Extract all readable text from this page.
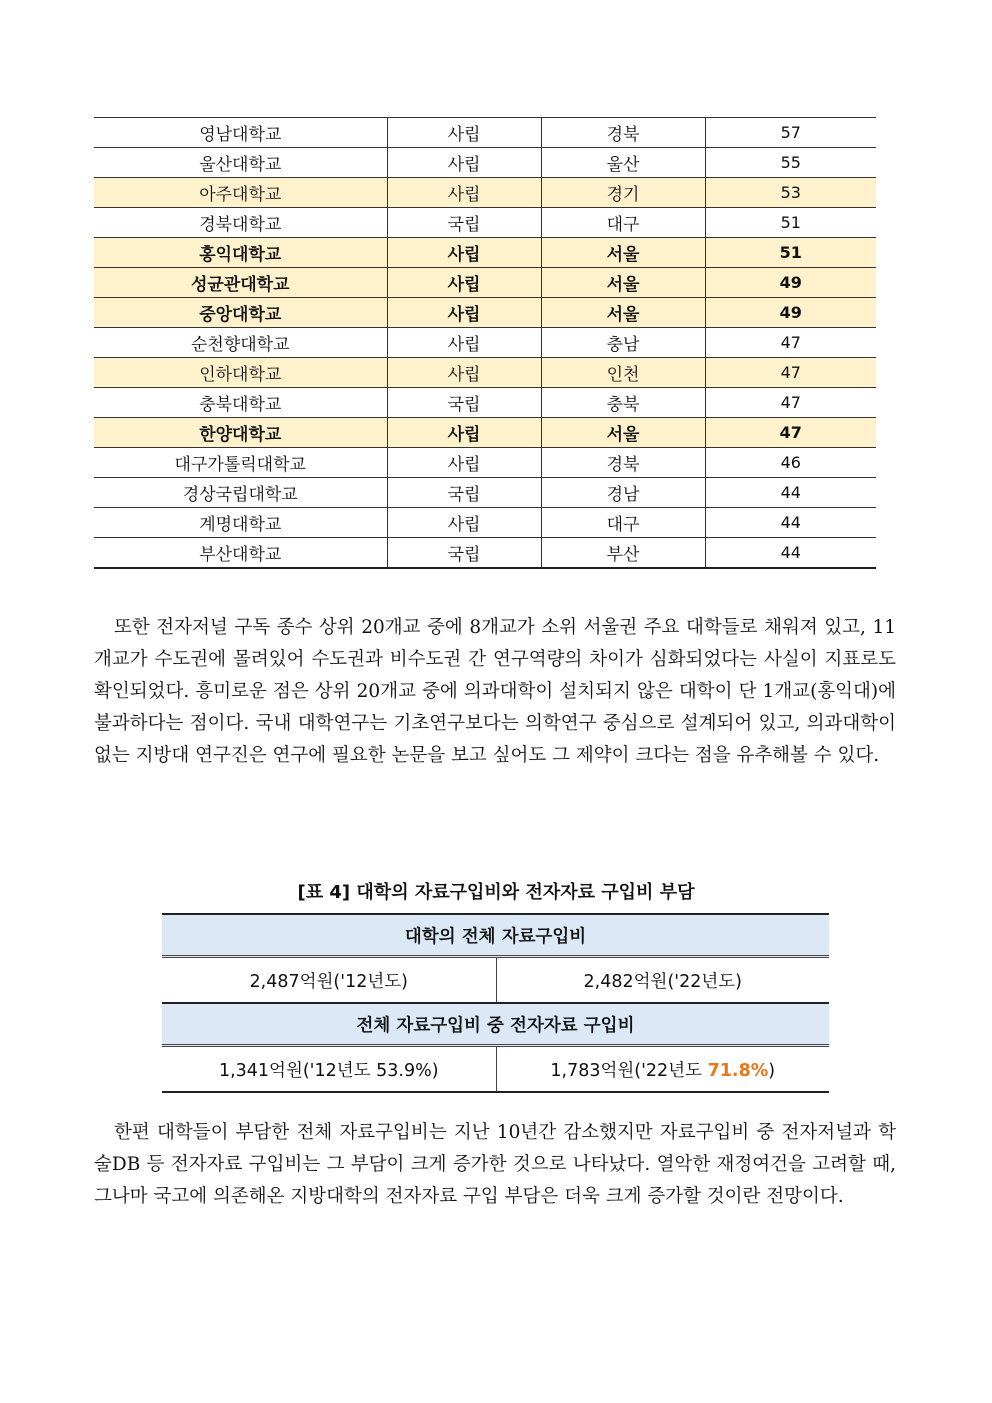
영남대학교	사립	경북	57
울산대학교	사립	울산	55
아주대학교	사립	경기	53
경북대학교	국립	대구	51
홍익대학교	사립	서울	51
성균관대학교	사립	서울	49
중앙대학교	사립	서울	49
순천향대학교	사립	충남	47
인하대학교	사립	인천	47
충북대학교	국립	충북	47
한양대학교	사립	서울	47
대구가톨릭대학교	사립	경북	46
경상국립대학교	국립	경남	44
계명대학교	사립	대구	44
부산대학교	국립	부산	44

또한 전자저널 구독 종수 상위 20개교 중에 8개교가 소위 서울권 주요 대학들로 채워져 있고, 11개교가 수도권에 몰려있어 수도권과 비수도권 간 연구역량의 차이가 심화되었다는 사실이 지표로도 확인되었다. 흥미로운 점은 상위 20개교 중에 의과대학이 설치되지 않은 대학이 단 1개교(홍익대)에 불과하다는 점이다. 국내 대학연구는 기초연구보다는 의학연구 중심으로 설계되어 있고, 의과대학이 없는 지방대 연구진은 연구에 필요한 논문을 보고 싶어도 그 제약이 크다는 점을 유추해볼 수 있다.

[표 4] 대학의 자료구입비와 전자자료 구입비 부담
대학의 전체 자료구입비	
2,487억원('12년도)	2,482억원('22년도)
전체 자료구입비 중 전자자료 구입비	
1,341억원('12년도 53.9%)	1,783억원('22년도 71.8%)

한편 대학들이 부담한 전체 자료구입비는 지난 10년간 감소했지만 자료구입비 중 전자저널과 학술DB 등 전자자료 구입비는 그 부담이 크게 증가한 것으로 나타났다. 열악한 재정여건을 고려할 때, 그나마 국고에 의존해온 지방대학의 전자자료 구입 부담은 더욱 크게 증가할 것이란 전망이다.
